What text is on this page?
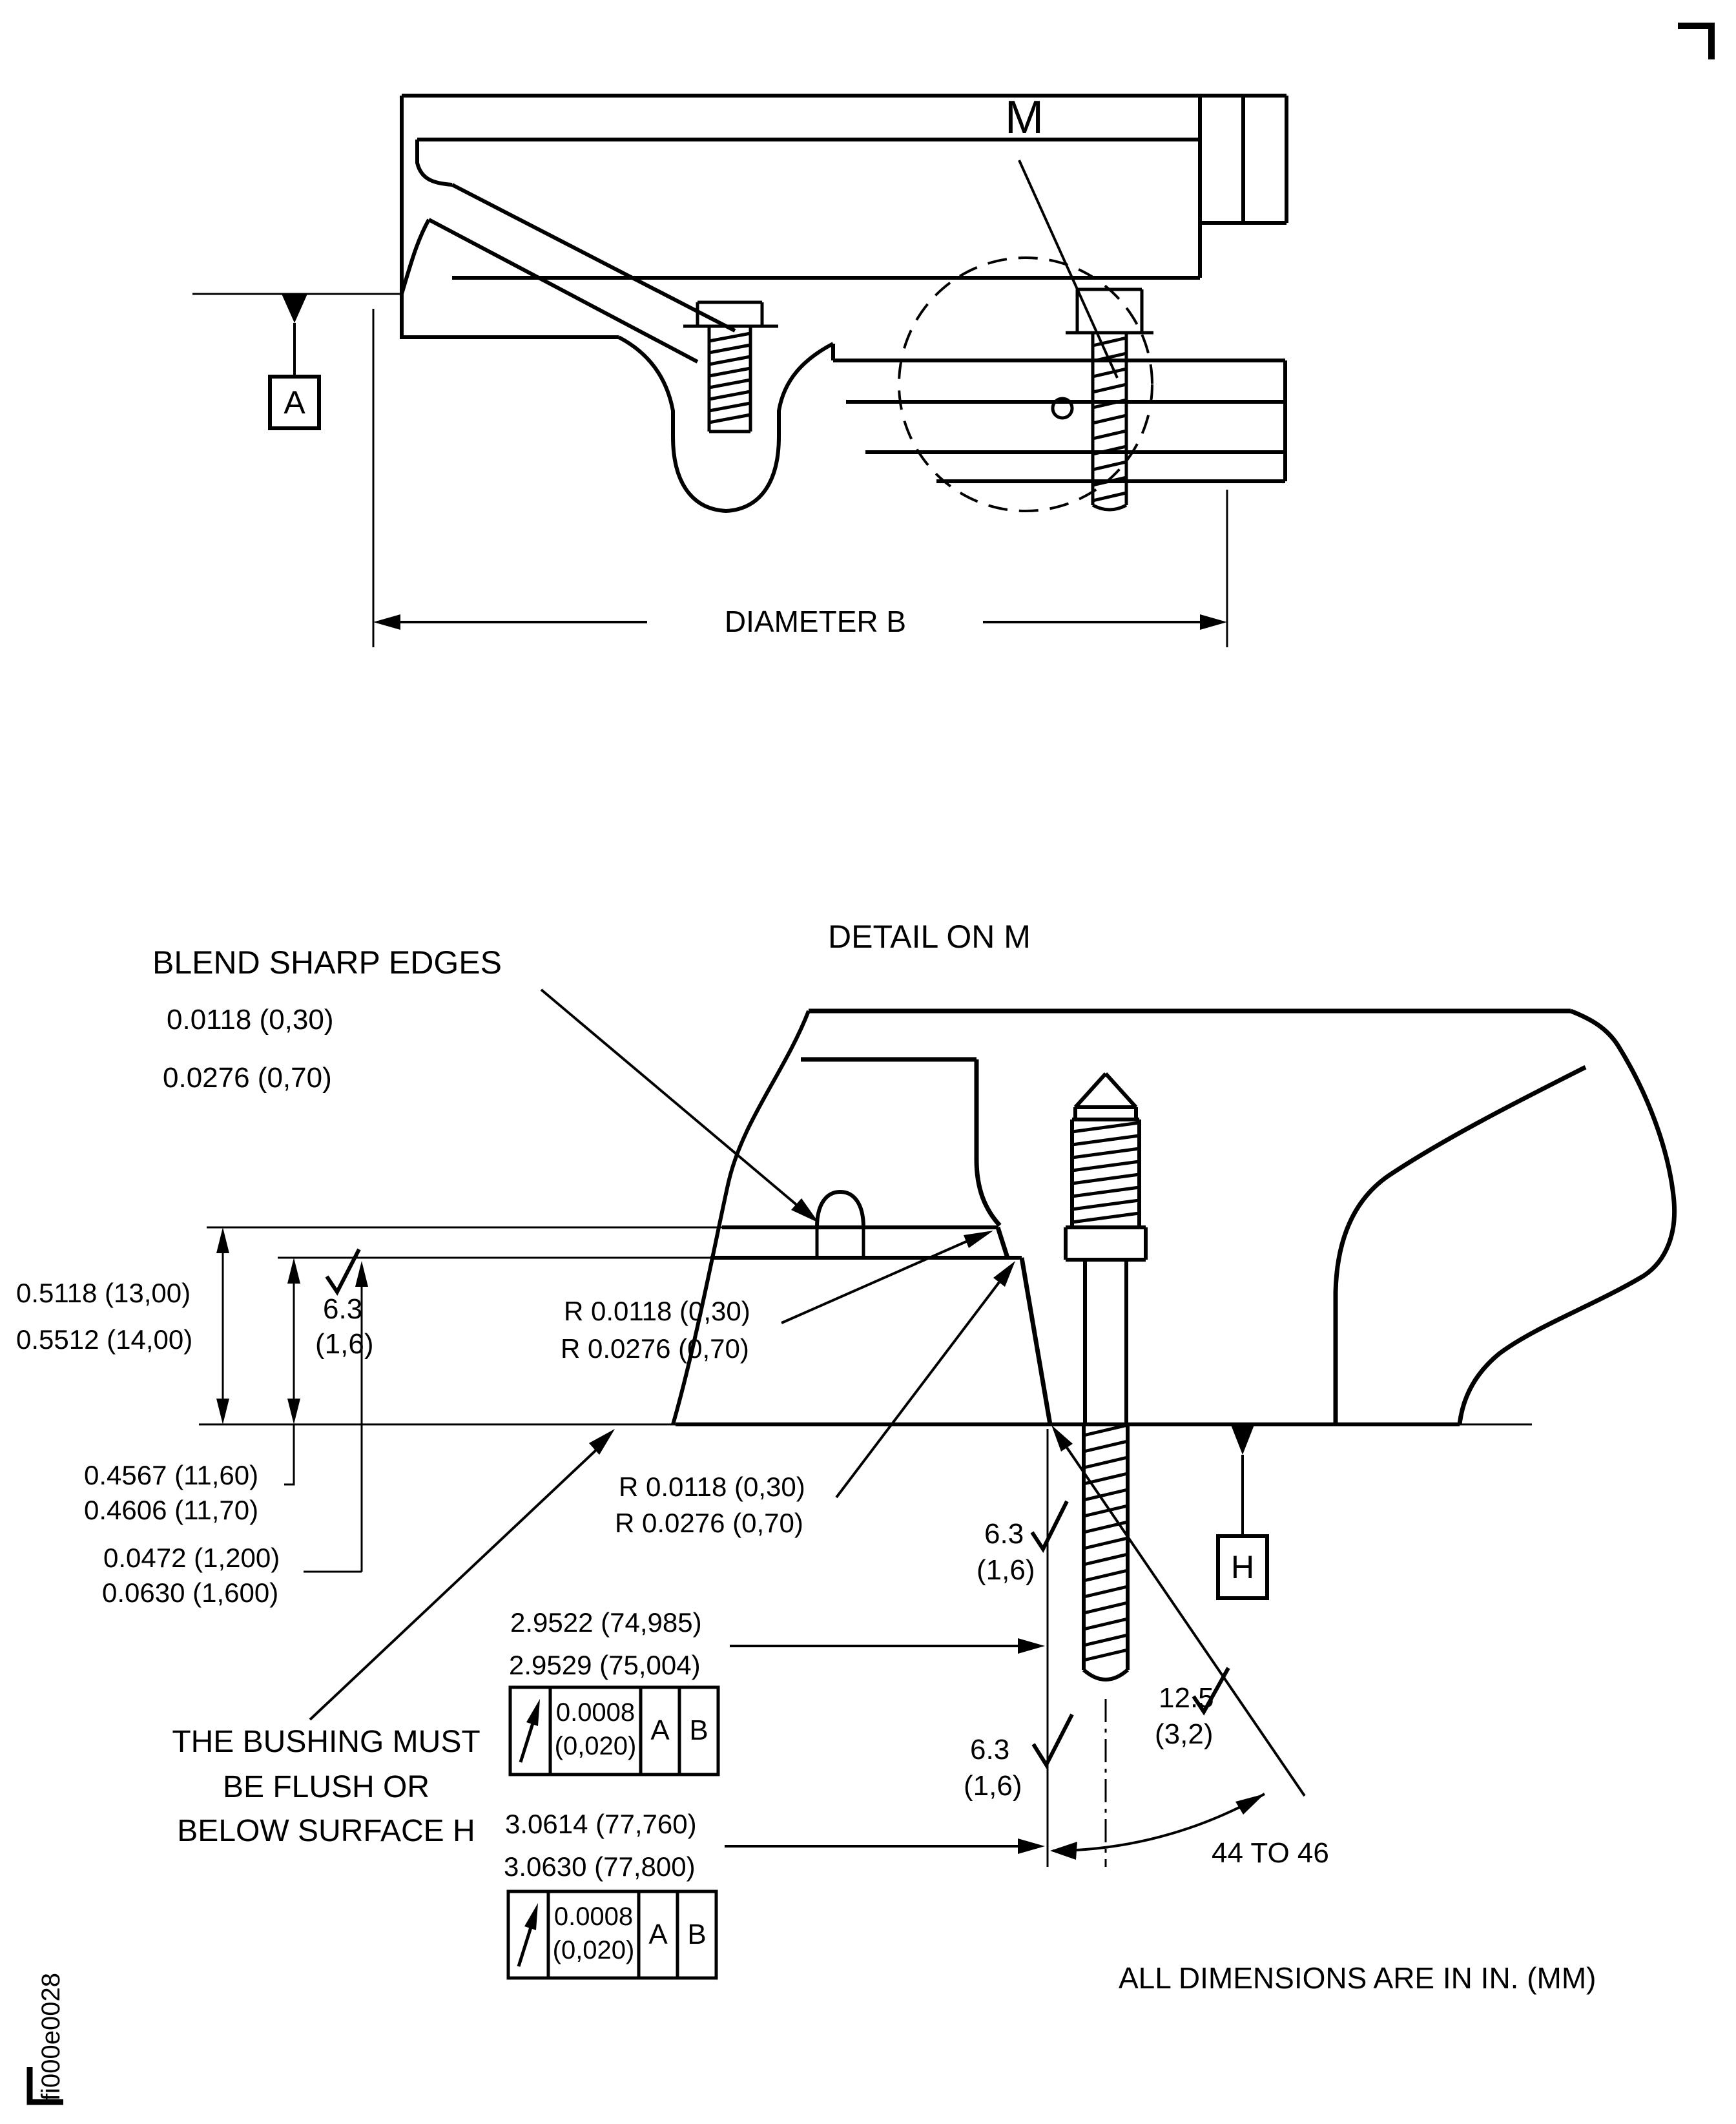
M
A
DIAMETER B
DETAIL ON M
BLEND SHARP EDGES
0.0118 (0,30)
0.0276 (0,70)
0.5118 (13,00)
0.5512 (14,00)
6.3
(1,6)
R 0.0118 (0,30)
R 0.0276 (0,70)
0.4567 (11,60)
0.4606 (11,70)
0.0472 (1,200)
0.0630 (1,600)
R 0.0118 (0,30)
R 0.0276 (0,70)	6.3
(1,6)	H
2.9522 (74,985)
2.9529 (75,004)
0.0008
(0,020) A B
6.3
(1,6)
12.5
(3,2)
THE BUSHING MUST
BE FLUSH OR
BELOW SURFACE H	3.0614 (77,760)
3.0630 (77,800)
0.0008
(0,020) A B
44 TO 46
ALL DIMENSIONS ARE IN IN. (MM)
fi000e0028
